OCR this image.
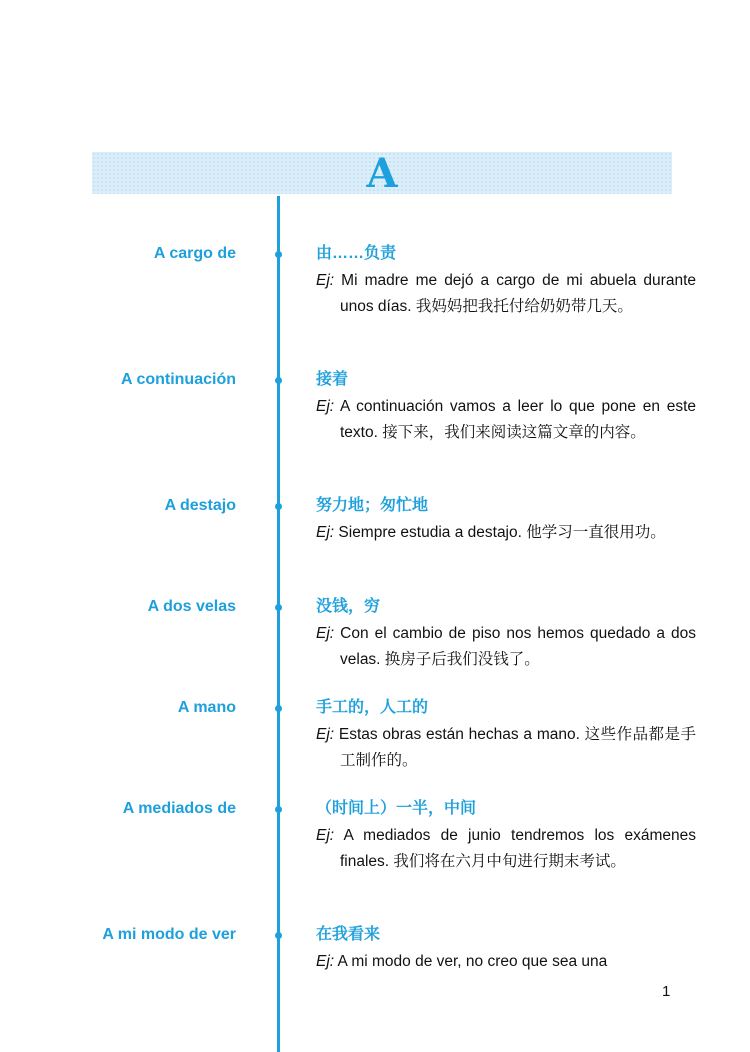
A
A cargo de	由……负责

Ej: Mi madre me dejó a cargo de mi abuela durante unos días. 我妈妈把我托付给奶奶带几天。

A continuación	接着

Ej: A continuación vamos a leer lo que pone en este texto. 接下来，我们来阅读这篇文章的内容。

A destajo	努力地；匆忙地

Ej: Siempre estudia a destajo. 他学习一直很用功。

A dos velas	没钱，穷

Ej: Con el cambio de piso nos hemos quedado a dos velas. 换房子后我们没钱了。

A mano	手工的，人工的

Ej: Estas obras están hechas a mano. 这些作品都是手工制作的。

A mediados de	（时间上）一半，中间

Ej: A mediados de junio tendremos los exámenes finales. 我们将在六月中旬进行期末考试。

A mi modo de ver	在我看来

Ej: A mi modo de ver, no creo que sea una

1
